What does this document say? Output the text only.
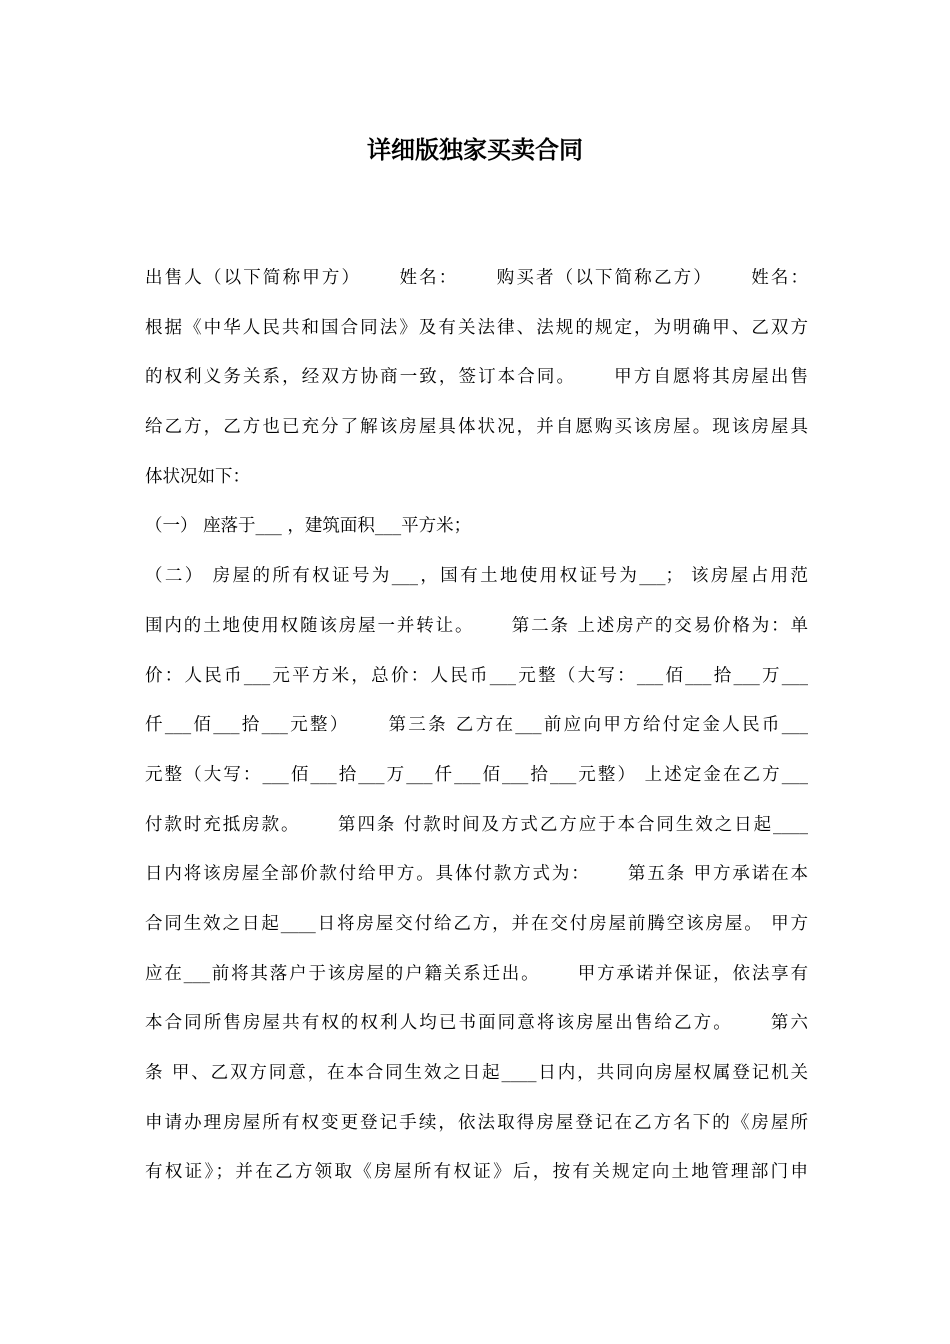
详细版独家买卖合同
出售人（以下简称甲方）　　 姓名：　　 购买者（以下简称乙方）　　 姓名：
根据《中华人民共和国合同法》及有关法律、法规的规定，为明确甲、乙双方
的权利义务关系，经双方协商一致，签订本合同。　　 甲方自愿将其房屋出售
给乙方，乙方也已充分了解该房屋具体状况，并自愿购买该房屋。现该房屋具
体状况如下：
（一） 座落于___ ，建筑面积___平方米；
（二） 房屋的所有权证号为___，国有土地使用权证号为___； 该房屋占用范
围内的土地使用权随该房屋一并转让。　　 第二条 上述房产的交易价格为：单
价：人民币___元平方米，总价：人民币___元整（大写：___佰___拾___万___
仟___佰___拾___元整）　　 第三条 乙方在___前应向甲方给付定金人民币___
元整（大写：___佰___拾___万___仟___佰___拾___元整） 上述定金在乙方___
付款时充抵房款。　　 第四条 付款时间及方式乙方应于本合同生效之日起____
日内将该房屋全部价款付给甲方。具体付款方式为：　　 第五条 甲方承诺在本
合同生效之日起____日将房屋交付给乙方，并在交付房屋前腾空该房屋。 甲方
应在___前将其落户于该房屋的户籍关系迁出。　　 甲方承诺并保证，依法享有
本合同所售房屋共有权的权利人均已书面同意将该房屋出售给乙方。　　 第六
条 甲、乙双方同意，在本合同生效之日起____日内，共同向房屋权属登记机关
申请办理房屋所有权变更登记手续，依法取得房屋登记在乙方名下的《房屋所
有权证》；并在乙方领取《房屋所有权证》后，按有关规定向土地管理部门申
